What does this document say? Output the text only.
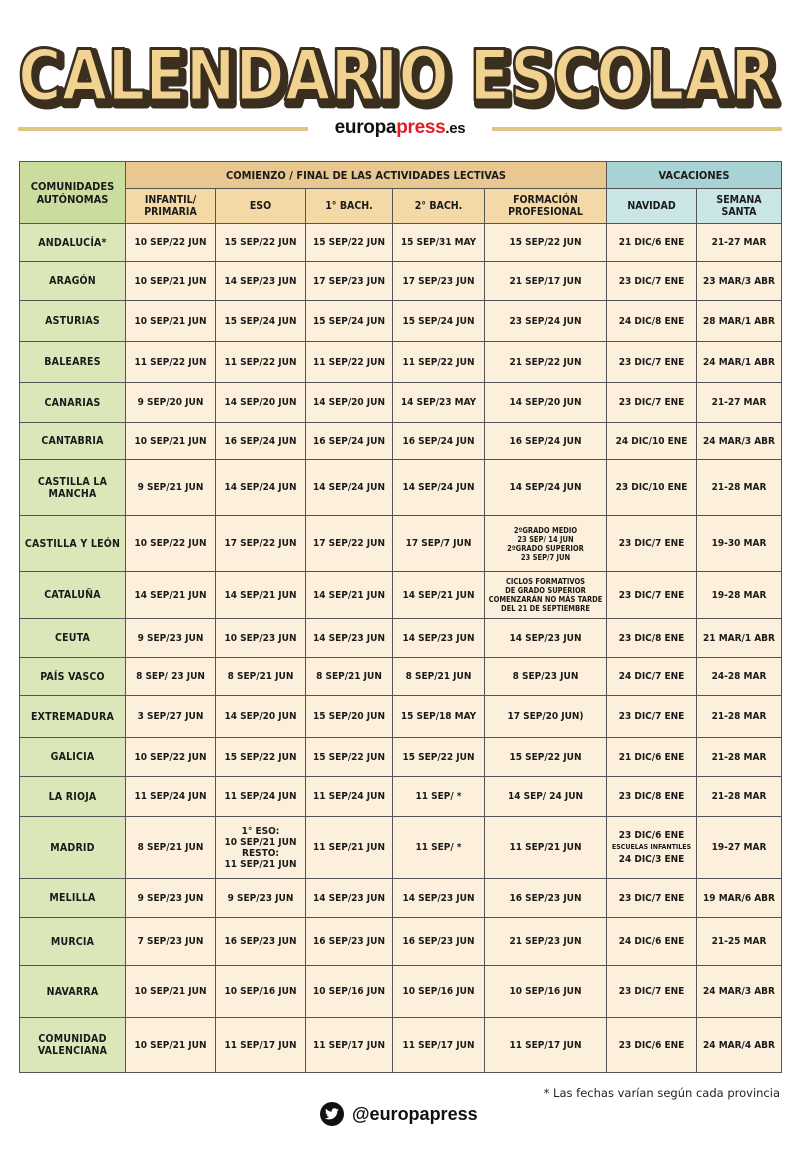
CALENDARIO ESCOLAR
CALENDARIO ESCOLAR
europapress.es
COMUNIDADES AUTÓNOMAS	COMIENZO / FINAL DE LAS ACTIVIDADES LECTIVAS					VACACIONES	
	INFANTIL/ PRIMARIA	ESO	1° BACH.	2° BACH.	FORMACIÓN PROFESIONAL	NAVIDAD	SEMANA SANTA
ANDALUCÍA*	10 SEP/22 JUN	15 SEP/22 JUN	15 SEP/22 JUN	15 SEP/31 MAY	15 SEP/22 JUN	21 DIC/6 ENE	21-27 MAR
ARAGÓN	10 SEP/21 JUN	14 SEP/23 JUN	17 SEP/23 JUN	17 SEP/23 JUN	21 SEP/17 JUN	23 DIC/7 ENE	23 MAR/3 ABR
ASTURIAS	10 SEP/21 JUN	15 SEP/24 JUN	15 SEP/24 JUN	15 SEP/24 JUN	23 SEP/24 JUN	24 DIC/8 ENE	28 MAR/1 ABR
BALEARES	11 SEP/22 JUN	11 SEP/22 JUN	11 SEP/22 JUN	11 SEP/22 JUN	21 SEP/22 JUN	23 DIC/7 ENE	24 MAR/1 ABR
CANARIAS	9 SEP/20 JUN	14 SEP/20 JUN	14 SEP/20 JUN	14 SEP/23 MAY	14 SEP/20 JUN	23 DIC/7 ENE	21-27 MAR
CANTABRIA	10 SEP/21 JUN	16 SEP/24 JUN	16 SEP/24 JUN	16 SEP/24 JUN	16 SEP/24 JUN	24 DIC/10 ENE	24 MAR/3 ABR
CASTILLA LA MANCHA	9 SEP/21 JUN	14 SEP/24 JUN	14 SEP/24 JUN	14 SEP/24 JUN	14 SEP/24 JUN	23 DIC/10 ENE	21-28 MAR
CASTILLA Y LEÓN	10 SEP/22 JUN	17 SEP/22 JUN	17 SEP/22 JUN	17 SEP/7 JUN	2ºGRADO MEDIO
23 SEP/ 14 JUN
2ºGRADO SUPERIOR
23 SEP/7 JUN	23 DIC/7 ENE	19-30 MAR
CATALUÑA	14 SEP/21 JUN	14 SEP/21 JUN	14 SEP/21 JUN	14 SEP/21 JUN	CICLOS FORMATIVOS
DE GRADO SUPERIOR
COMENZARÁN NO MÁS TARDE
DEL 21 DE SEPTIEMBRE	23 DIC/7 ENE	19-28 MAR
CEUTA	9 SEP/23 JUN	10 SEP/23 JUN	14 SEP/23 JUN	14 SEP/23 JUN	14 SEP/23 JUN	23 DIC/8 ENE	21 MAR/1 ABR
PAÍS VASCO	8 SEP/ 23 JUN	8 SEP/21 JUN	8 SEP/21 JUN	8 SEP/21 JUN	8 SEP/23 JUN	24 DIC/7 ENE	24-28 MAR
EXTREMADURA	3 SEP/27 JUN	14 SEP/20 JUN	15 SEP/20 JUN	15 SEP/18 MAY	17 SEP/20 JUN)	23 DIC/7 ENE	21-28 MAR
GALICIA	10 SEP/22 JUN	15 SEP/22 JUN	15 SEP/22 JUN	15 SEP/22 JUN	15 SEP/22 JUN	21 DIC/6 ENE	21-28 MAR
LA RIOJA	11 SEP/24 JUN	11 SEP/24 JUN	11 SEP/24 JUN	11 SEP/ *	14 SEP/ 24 JUN	23 DIC/8 ENE	21-28 MAR
MADRID	8 SEP/21 JUN	1° ESO:
10 SEP/21 JUN
RESTO:
11 SEP/21 JUN	11 SEP/21 JUN	11 SEP/ *	11 SEP/21 JUN	23 DIC/6 ENE
ESCUELAS INFANTILES
24 DIC/3 ENE	19-27 MAR
MELILLA	9 SEP/23 JUN	9 SEP/23 JUN	14 SEP/23 JUN	14 SEP/23 JUN	16 SEP/23 JUN	23 DIC/7 ENE	19 MAR/6 ABR
MURCIA	7 SEP/23 JUN	16 SEP/23 JUN	16 SEP/23 JUN	16 SEP/23 JUN	21 SEP/23 JUN	24 DIC/6 ENE	21-25 MAR
NAVARRA	10 SEP/21 JUN	10 SEP/16 JUN	10 SEP/16 JUN	10 SEP/16 JUN	10 SEP/16 JUN	23 DIC/7 ENE	24 MAR/3 ABR
COMUNIDAD VALENCIANA	10 SEP/21 JUN	11 SEP/17 JUN	11 SEP/17 JUN	11 SEP/17 JUN	11 SEP/17 JUN	23 DIC/6 ENE	24 MAR/4 ABR
* Las fechas varían según cada provincia
@europapress
